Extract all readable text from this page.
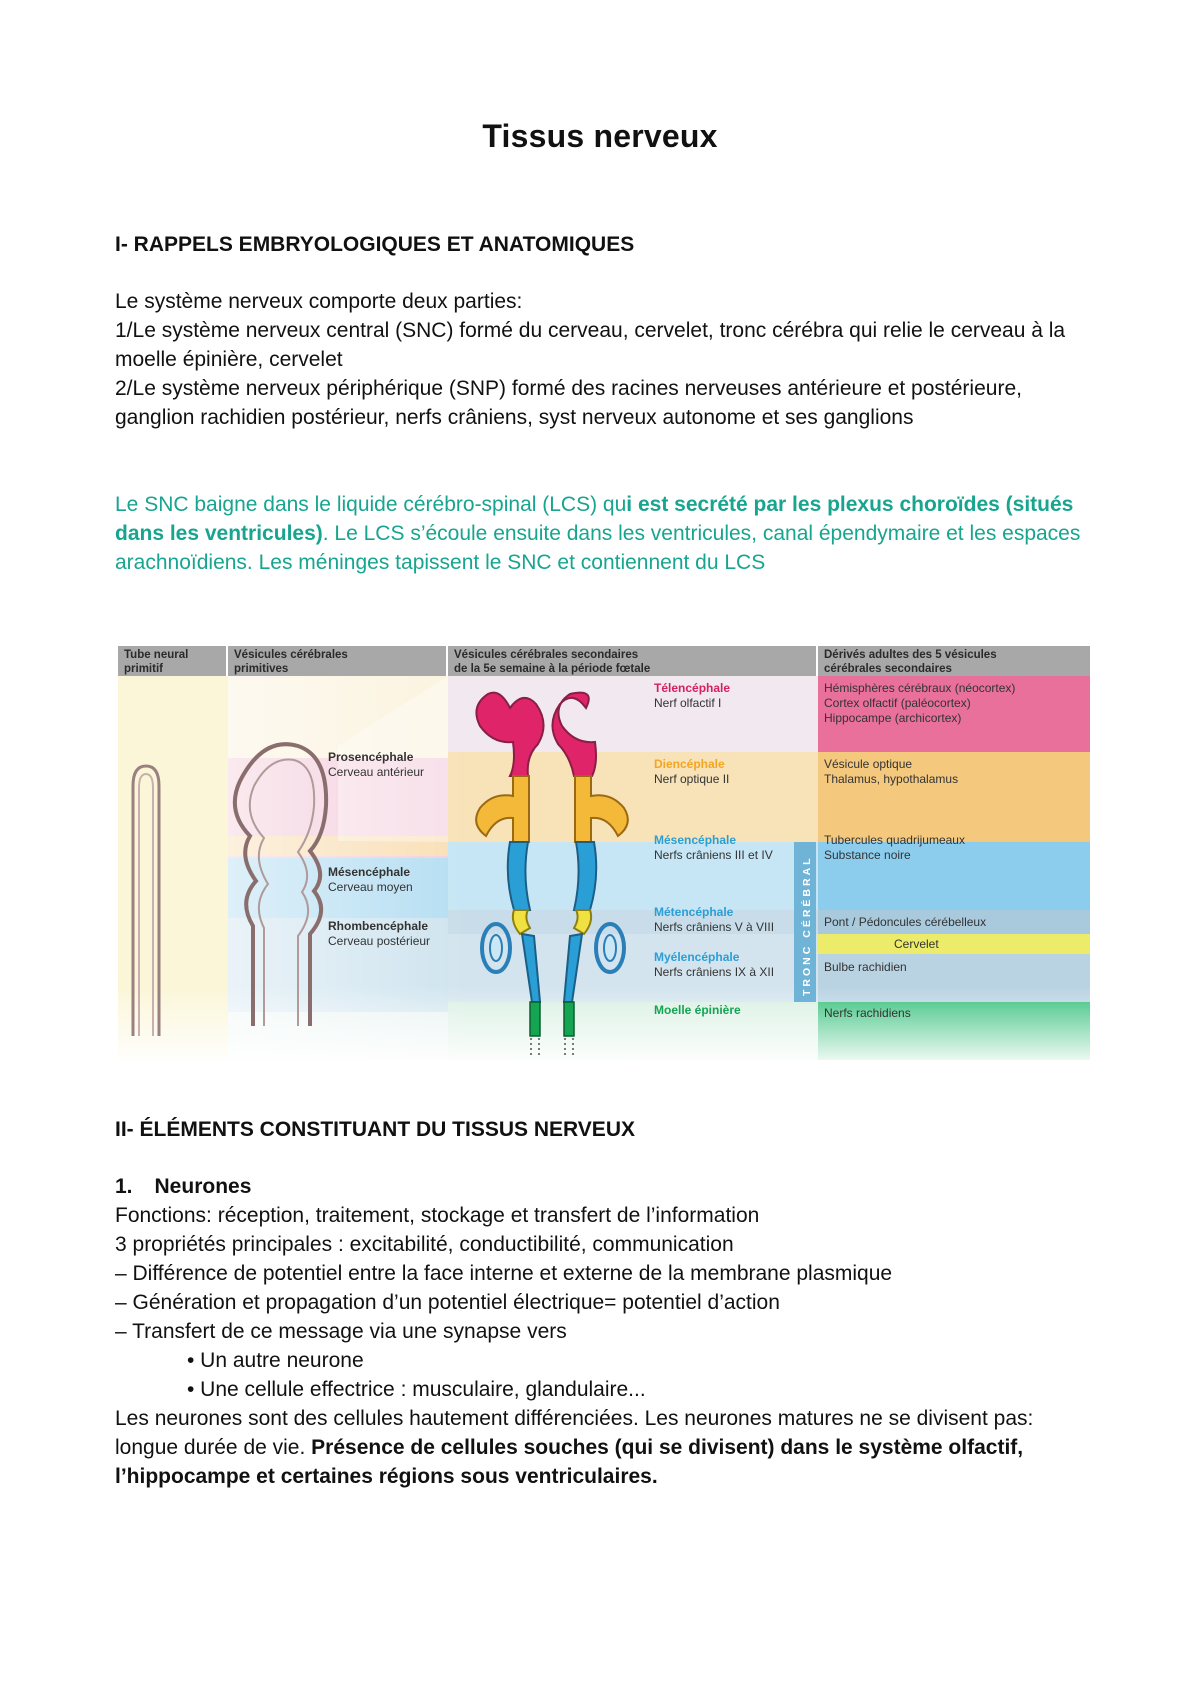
Tissus nerveux
I- RAPPELS EMBRYOLOGIQUES ET ANATOMIQUES
Le système nerveux comporte deux parties:
1/Le système nerveux central (SNC) formé du cerveau, cervelet, tronc cérébra qui relie le cerveau à la moelle épinière, cervelet
2/Le système nerveux périphérique (SNP) formé des racines nerveuses antérieure et postérieure, ganglion rachidien postérieur, nerfs crâniens, syst nerveux autonome et ses ganglions
Le SNC baigne dans le liquide cérébro-spinal (LCS) qui est secrété par les plexus choroïdes (situés dans les ventricules). Le LCS s’écoule ensuite dans les ventricules, canal épendymaire et les espaces arachnoïdiens. Les méninges tapissent le SNC et contiennent du LCS
TRONC CÉRÉBRAL
Tube neural
primitif
Vésicules cérébrales
primitives
Vésicules cérébrales secondaires
de la 5e semaine à la période fœtale
Dérivés adultes des 5 vésicules
cérébrales secondaires
Prosencéphale
Cerveau antérieur
Mésencéphale
Cerveau moyen
Rhombencéphale
Cerveau postérieur
Télencéphale
Nerf olfactif I
Diencéphale
Nerf optique II
Mésencéphale
Nerfs crâniens III et IV
Métencéphale
Nerfs crâniens V à VIII
Myélencéphale
Nerfs crâniens IX à XII
Moelle épinière
Hémisphères cérébraux (néocortex)
Cortex olfactif (paléocortex)
Hippocampe (archicortex)
Vésicule optique
Thalamus, hypothalamus
Tubercules quadrijumeaux
Substance noire
Pont / Pédoncules cérébelleux
Cervelet
Bulbe rachidien
Nerfs rachidiens
II- ÉLÉMENTS CONSTITUANT DU TISSUS NERVEUX
1. Neurones
Fonctions: réception, traitement, stockage et transfert de l’information
3 propriétés principales : excitabilité, conductibilité, communication
– Différence de potentiel entre la face interne et externe de la membrane plasmique
– Génération et propagation d’un potentiel électrique= potentiel d’action
– Transfert de ce message via une synapse vers
• Un autre neurone
• Une cellule effectrice : musculaire, glandulaire...
Les neurones sont des cellules hautement différenciées. Les neurones matures ne se divisent pas: longue durée de vie. Présence de cellules souches (qui se divisent) dans le système olfactif, l’hippocampe et certaines régions sous ventriculaires.
